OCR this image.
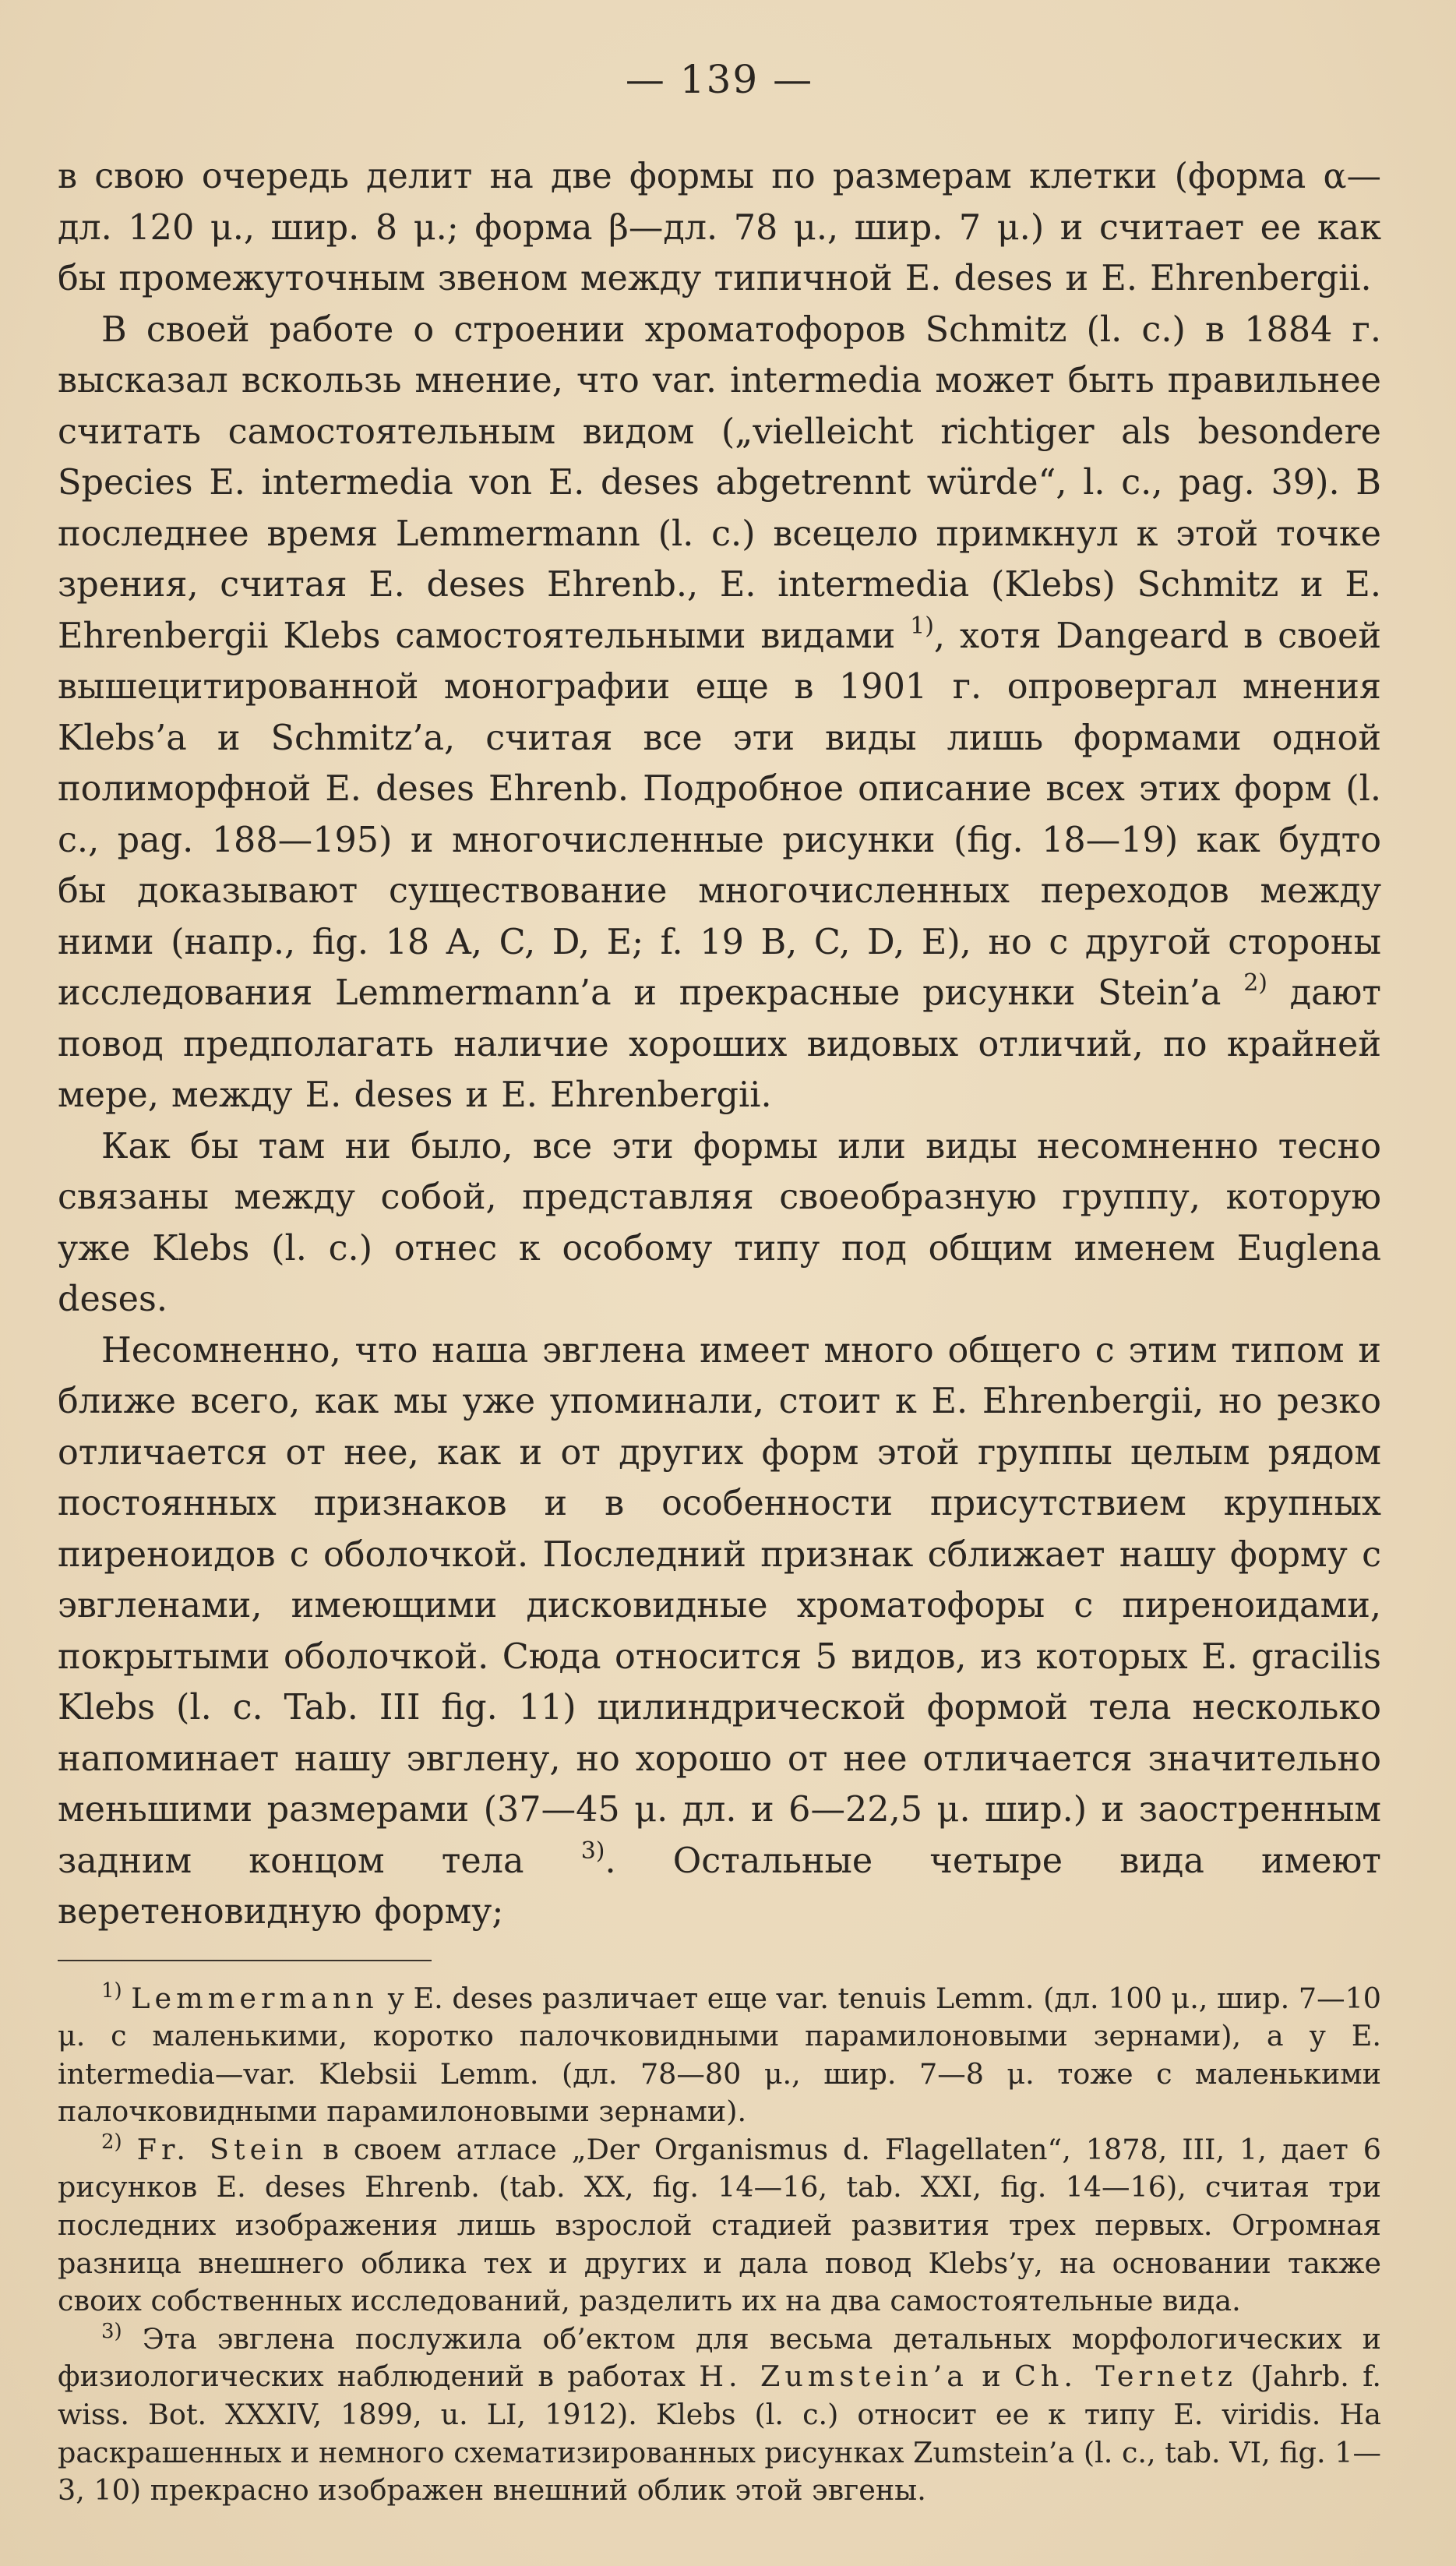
— 139 —

в свою очередь делит на две формы по размерам клетки (форма α—дл. 120 μ., шир. 8 μ.; форма β—дл. 78 μ., шир. 7 μ.) и считает ее как бы промежуточным звеном между типичной E. deses и E. Ehrenbergii.

В своей работе о строении хроматофоров Schmitz (l. c.) в 1884 г. высказал вскользь мнение, что var. intermedia может быть правильнее считать самостоятельным видом („vielleicht richtiger als besondere Species E. intermedia von E. deses abgetrennt würde“, l. c., pag. 39). В последнее время Lemmermann (l. c.) всецело примкнул к этой точке зрения, считая E. deses Ehrenb., E. intermedia (Klebs) Schmitz и E. Ehrenbergii Klebs самостоятельными видами $^{1)}$, хотя Dangeard в своей вышецитированной монографии еще в 1901 г. опровергал мнения Klebs’a и Schmitz’a, считая все эти виды лишь формами одной полиморфной E. deses Ehrenb. Подробное описание всех этих форм (l. c., pag. 188—195) и многочисленные рисунки (fig. 18—19) как будто бы доказывают существование многочисленных переходов между ними (напр., fig. 18 A, C, D, E; f. 19 B, C, D, E), но с другой стороны исследования Lemmermann’a и прекрасные рисунки Stein’a $^{2)}$ дают повод предполагать наличие хороших видовых отличий, по крайней мере, между E. deses и E. Ehrenbergii.

Как бы там ни было, все эти формы или виды несомненно тесно связаны между собой, представляя своеобразную группу, которую уже Klebs (l. c.) отнес к особому типу под общим именем Euglena deses.

Несомненно, что наша эвглена имеет много общего с этим типом и ближе всего, как мы уже упоминали, стоит к E. Ehrenbergii, но резко отличается от нее, как и от других форм этой группы целым рядом постоянных признаков и в особенности присутствием крупных пиреноидов с оболочкой. Последний признак сближает нашу форму с эвгленами, имеющими дисковидные хроматофоры с пиреноидами, покрытыми оболочкой. Сюда относится 5 видов, из которых E. gracilis Klebs (l. c. Tab. III fig. 11) цилиндрической формой тела несколько напоминает нашу эвглену, но хорошо от нее отличается значительно меньшими размерами (37—45 μ. дл. и 6—22,5 μ. шир.) и заостренным задним концом тела $^{3)}$. Остальные четыре вида имеют веретеновидную форму;

$^{1)}$ Lemmermann у E. deses различает еще var. tenuis Lemm. (дл. 100 μ., шир. 7—10 μ. с маленькими, коротко палочковидными парамилоновыми зернами), а у E. intermedia—var. Klebsii Lemm. (дл. 78—80 μ., шир. 7—8 μ. тоже с маленькими палочковидными парамилоновыми зернами).

$^{2)}$ Fr. Stein в своем атласе „Der Organismus d. Flagellaten“, 1878, III, 1, дает 6 рисунков E. deses Ehrenb. (tab. XX, fig. 14—16, tab. XXI, fig. 14—16), считая три последних изображения лишь взрослой стадией развития трех первых. Огромная разница внешнего облика тех и других и дала повод Klebs’у, на основании также своих собственных исследований, разделить их на два самостоятельные вида.

$^{3)}$ Эта эвглена послужила об’ектом для весьма детальных морфологических и физиологических наблюдений в работах H. Zumstein’a и Ch. Ternetz (Jahrb. f. wiss. Bot. XXXIV, 1899, u. LI, 1912). Klebs (l. c.) относит ее к типу E. viridis. На раскрашенных и немного схематизированных рисунках Zumstein’a (l. c., tab. VI, fig. 1—3, 10) прекрасно изображен внешний облик этой эвгены.
